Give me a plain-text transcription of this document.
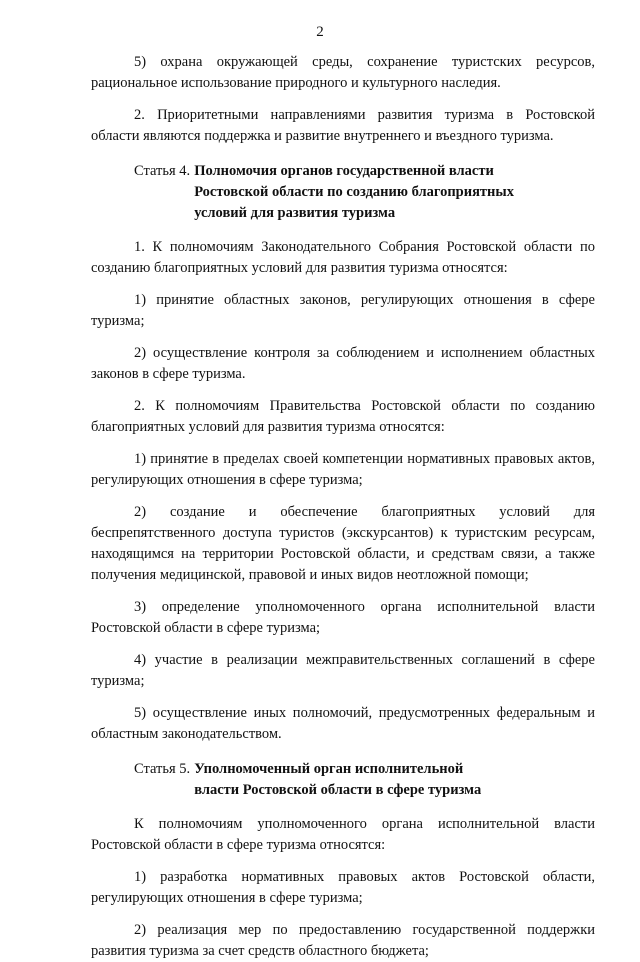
2

5) охрана окружающей среды, сохранение туристских ресурсов, рациональное использование природного и культурного наследия.

2. Приоритетными направлениями развития туризма в Ростовской области являются поддержка и развитие внутреннего и въездного туризма.

Статья 4. Полномочия органов государственной власти Ростовской области по созданию благоприятных условий для развития туризма

1. К полномочиям Законодательного Собрания Ростовской области по созданию благоприятных условий для развития туризма относятся:

1) принятие областных законов, регулирующих отношения в сфере туризма;

2) осуществление контроля за соблюдением и исполнением областных законов в сфере туризма.

2. К полномочиям Правительства Ростовской области по созданию благоприятных условий для развития туризма относятся:

1) принятие в пределах своей компетенции нормативных правовых актов, регулирующих отношения в сфере туризма;

2) создание и обеспечение благоприятных условий для беспрепятственного доступа туристов (экскурсантов) к туристским ресурсам, находящимся на территории Ростовской области, и средствам связи, а также получения медицинской, правовой и иных видов неотложной помощи;

3) определение уполномоченного органа исполнительной власти Ростовской области в сфере туризма;

4) участие в реализации межправительственных соглашений в сфере туризма;

5) осуществление иных полномочий, предусмотренных федеральным и областным законодательством.

Статья 5. Уполномоченный орган исполнительной власти Ростовской области в сфере туризма

К полномочиям уполномоченного органа исполнительной власти Ростовской области в сфере туризма относятся:

1) разработка нормативных правовых актов Ростовской области, регулирующих отношения в сфере туризма;

2) реализация мер по предоставлению государственной поддержки развития туризма за счет средств областного бюджета;
